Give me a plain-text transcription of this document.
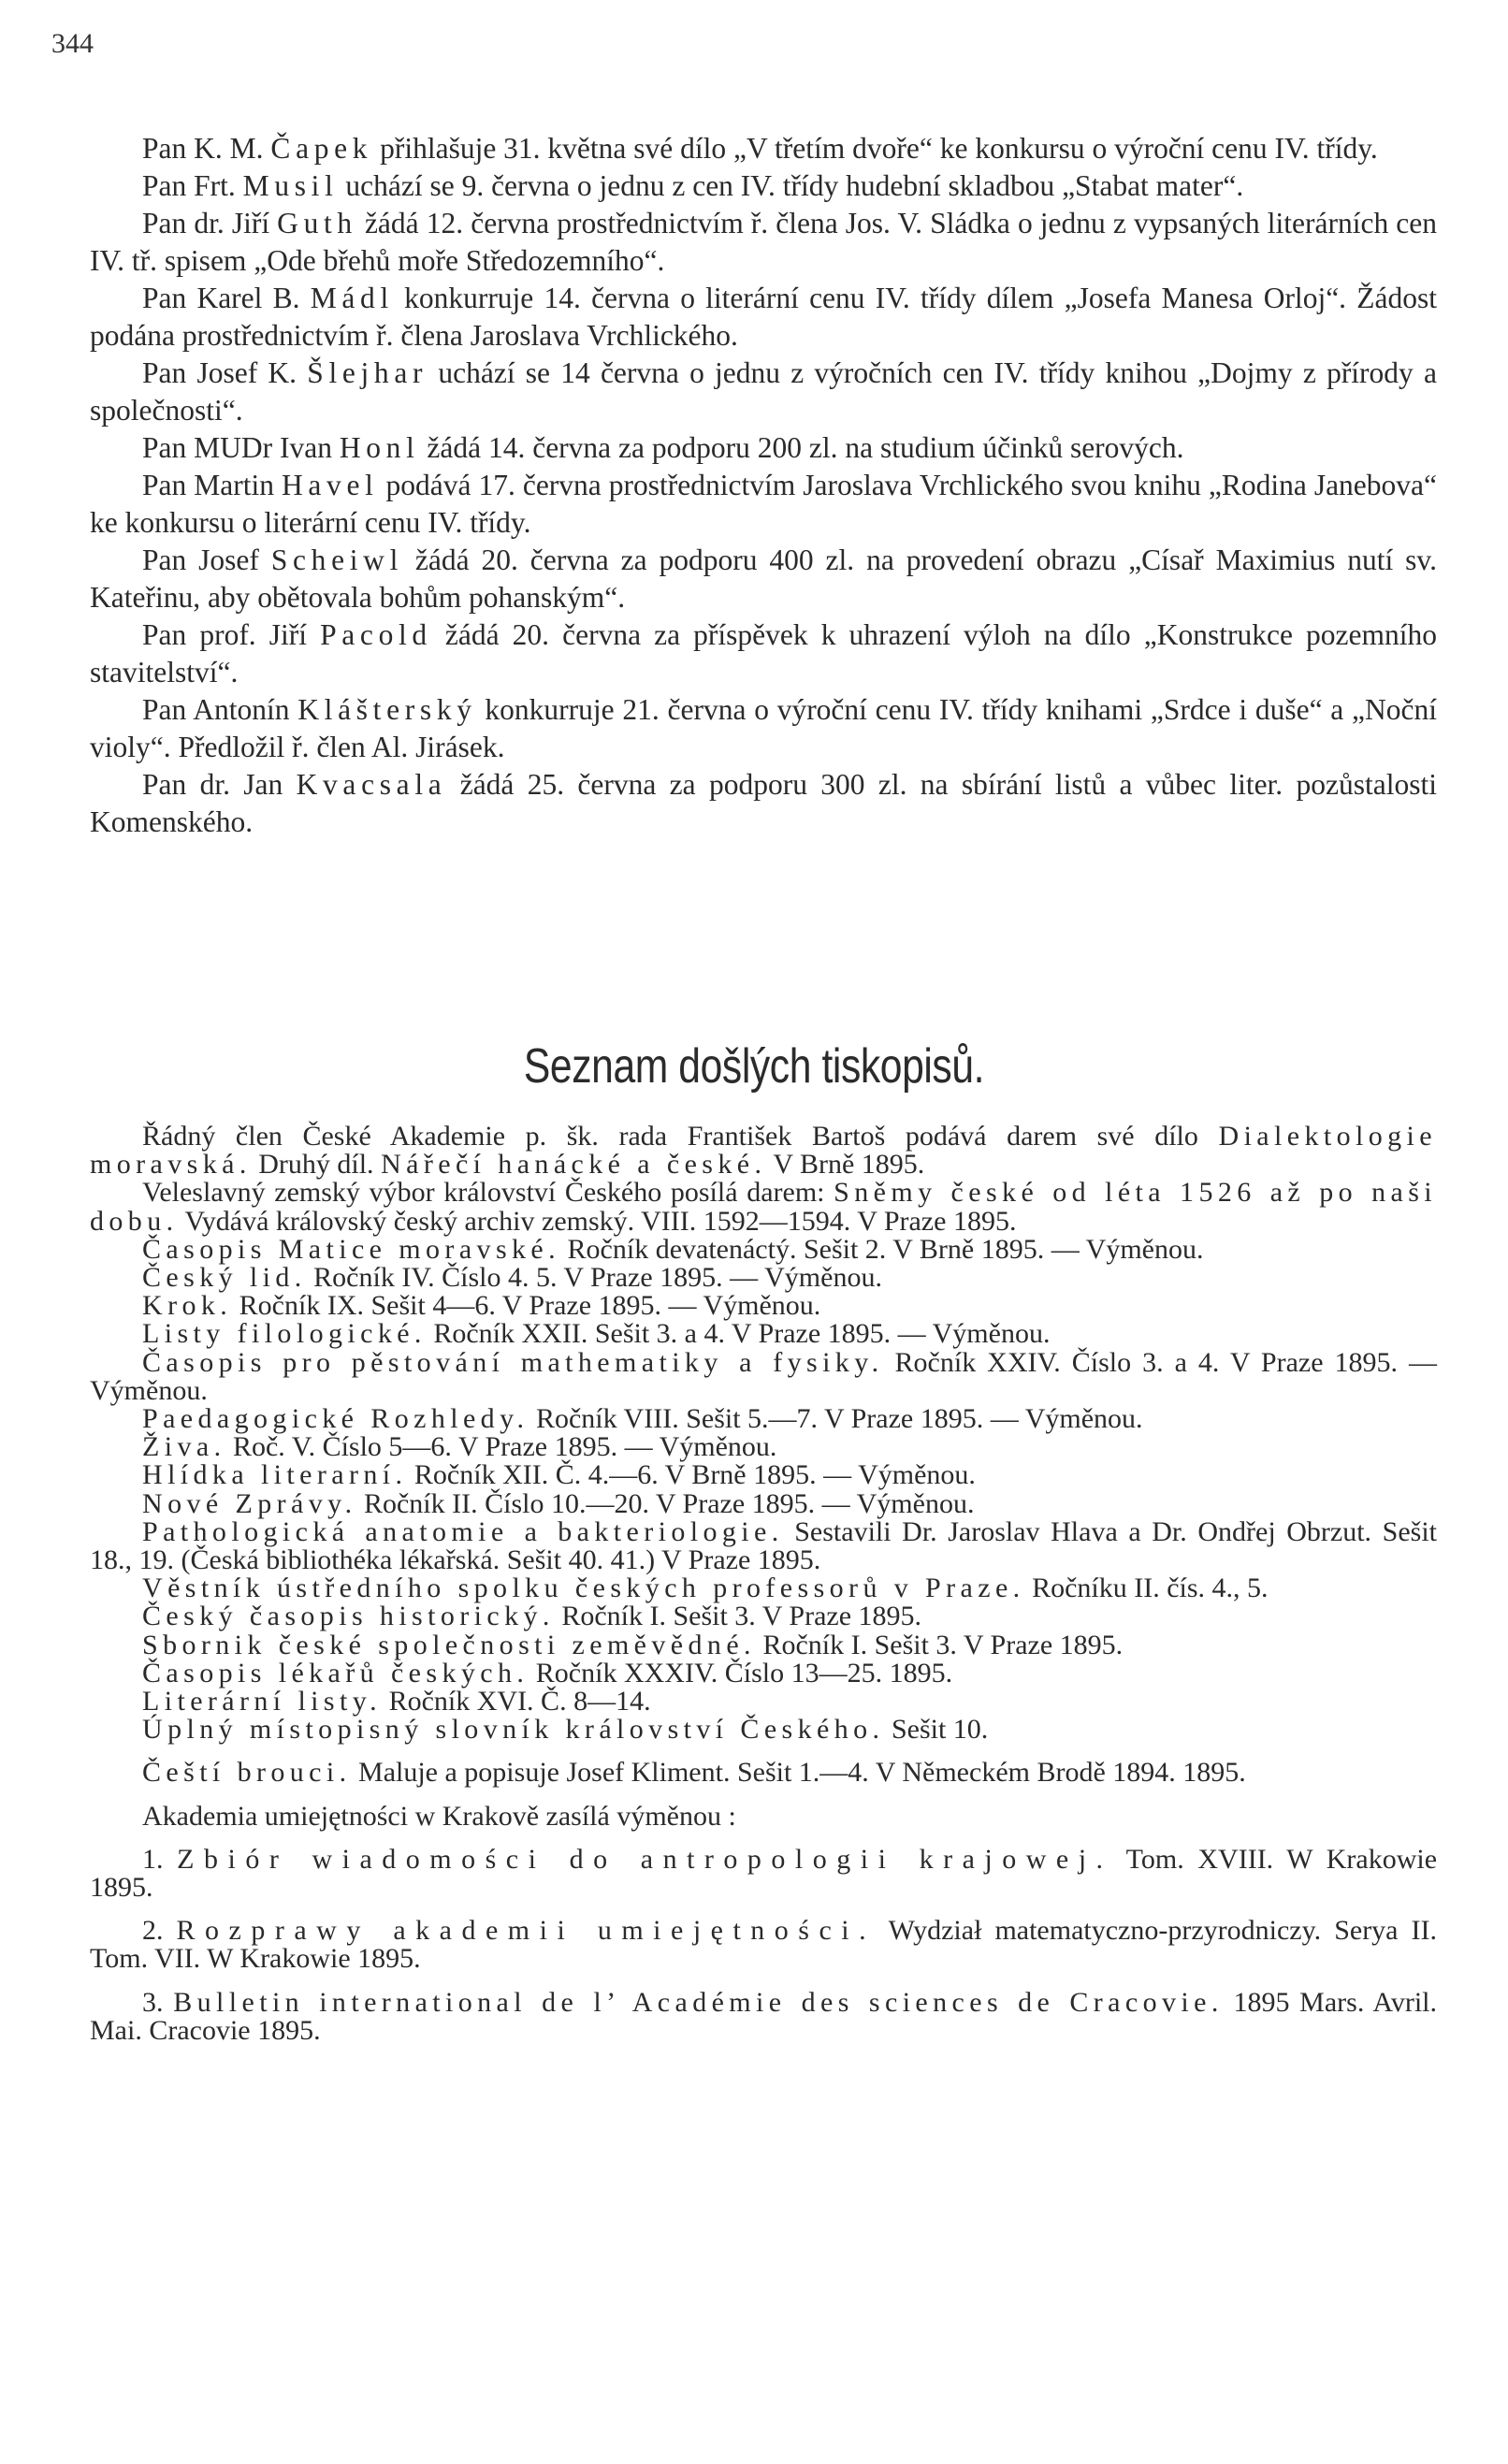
344

Pan K. M. Čapek přihlašuje 31. května své dílo „V třetím dvoře“ ke konkursu o výroční cenu IV. třídy.

Pan Frt. Musil uchází se 9. června o jednu z cen IV. třídy hudební skladbou „Stabat mater“.

Pan dr. Jiří Guth žádá 12. června prostřednictvím ř. člena Jos. V. Sládka o jednu z vypsaných literárních cen IV. tř. spisem „Ode břehů moře Středozemního“.

Pan Karel B. Mádl konkurruje 14. června o literární cenu IV. třídy dílem „Josefa Manesa Orloj“. Žádost podána prostřednictvím ř. člena Jaroslava Vrchlického.

Pan Josef K. Šlejhar uchází se 14 června o jednu z výročních cen IV. třídy knihou „Dojmy z přírody a společnosti“.

Pan MUDr Ivan Honl žádá 14. června za podporu 200 zl. na studium účinků serových.

Pan Martin Havel podává 17. června prostřednictvím Jaroslava Vrchlického svou knihu „Rodina Janebova“ ke konkursu o literární cenu IV. třídy.

Pan Josef Scheiwl žádá 20. června za podporu 400 zl. na provedení obrazu „Císař Maximius nutí sv. Kateřinu, aby obětovala bohům pohanským“.

Pan prof. Jiří Pacold žádá 20. června za příspěvek k uhrazení výloh na dílo „Konstrukce pozemního stavitelství“.

Pan Antonín Klášterský konkurruje 21. června o výroční cenu IV. třídy knihami „Srdce i duše“ a „Noční violy“. Předložil ř. člen Al. Jirásek.

Pan dr. Jan Kvacsala žádá 25. června za podporu 300 zl. na sbírání listů a vůbec liter. pozůstalosti Komenského.

Seznam došlých tiskopisů.

Řádný člen České Akademie p. šk. rada František Bartoš podává darem své dílo Dialektologie moravská. Druhý díl. Nářečí hanácké a české. V Brně 1895.

Veleslavný zemský výbor království Českého posílá darem: Sněmy české od léta 1526 až po naši dobu. Vydává královský český archiv zemský. VIII. 1592—1594. V Praze 1895.

Časopis Matice moravské. Ročník devatenáctý. Sešit 2. V Brně 1895. — Výměnou.

Český lid. Ročník IV. Číslo 4. 5. V Praze 1895. — Výměnou.

Krok. Ročník IX. Sešit 4—6. V Praze 1895. — Výměnou.

Listy filologické. Ročník XXII. Sešit 3. a 4. V Praze 1895. — Výměnou.

Časopis pro pěstování mathematiky a fysiky. Ročník XXIV. Číslo 3. a 4. V Praze 1895. — Výměnou.

Paedagogické Rozhledy. Ročník VIII. Sešit 5.—7. V Praze 1895. — Výměnou.

Živa. Roč. V. Číslo 5—6. V Praze 1895. — Výměnou.

Hlídka literarní. Ročník XII. Č. 4.—6. V Brně 1895. — Výměnou.

Nové Zprávy. Ročník II. Číslo 10.—20. V Praze 1895. — Výměnou.

Pathologická anatomie a bakteriologie. Sestavili Dr. Jaroslav Hlava a Dr. Ondřej Obrzut. Sešit 18., 19. (Česká bibliothéka lékařská. Sešit 40. 41.) V Praze 1895.

Věstník ústředního spolku českých professorů v Praze. Ročníku II. čís. 4., 5.

Český časopis historický. Ročník I. Sešit 3. V Praze 1895.

Sbornik české společnosti zeměvědné. Ročník I. Sešit 3. V Praze 1895.

Časopis lékařů českých. Ročník XXXIV. Číslo 13—25. 1895.

Literární listy. Ročník XVI. Č. 8—14.

Úplný místopisný slovník království Českého. Sešit 10.

Čeští brouci. Maluje a popisuje Josef Kliment. Sešit 1.—4. V Německém Brodě 1894. 1895.

Akademia umiejętności w Krakově zasílá výměnou :

1. Zbiór wiadomości do antropologii krajowej. Tom. XVIII. W Krakowie 1895.

2. Rozprawy akademii umiejętności. Wydział matematyczno-przyrodniczy. Serya II. Tom. VII. W Krakowie 1895.

3. Bulletin international de l’ Académie des sciences de Cracovie. 1895 Mars. Avril. Mai. Cracovie 1895.
